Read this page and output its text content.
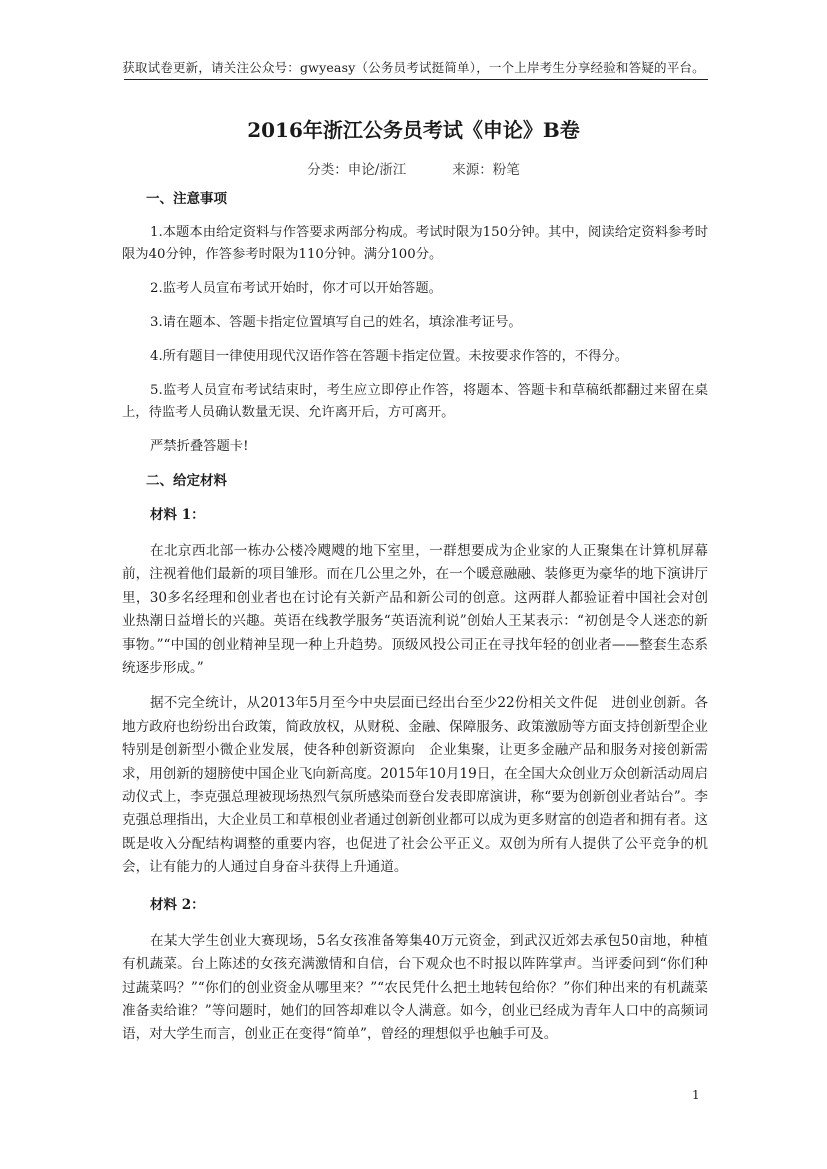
获取试卷更新，请关注公众号：gwyeasy（公务员考试挺简单），一个上岸考生分享经验和答疑的平台。
2016年浙江公务员考试《申论》B卷
分类：申论/浙江	来源：粉笔

一、注意事项

1.本题本由给定资料与作答要求两部分构成。考试时限为150分钟。其中，阅读给定资料参考时限为40分钟，作答参考时限为110分钟。满分100分。

2.监考人员宣布考试开始时，你才可以开始答题。

3.请在题本、答题卡指定位置填写自己的姓名，填涂准考证号。

4.所有题目一律使用现代汉语作答在答题卡指定位置。未按要求作答的，不得分。

5.监考人员宣布考试结束时，考生应立即停止作答，将题本、答题卡和草稿纸都翻过来留在桌上，待监考人员确认数量无误、允许离开后，方可离开。

严禁折叠答题卡!

二、给定材料

材料 1：

在北京西北部一栋办公楼冷飕飕的地下室里，一群想要成为企业家的人正聚集在计算机屏幕前，注视着他们最新的项目雏形。而在几公里之外，在一个暖意融融、装修更为豪华的地下演讲厅里，30多名经理和创业者也在讨论有关新产品和新公司的创意。这两群人都验证着中国社会对创业热潮日益增长的兴趣。英语在线教学服务“英语流利说”创始人王某表示：“初创是令人迷恋的新事物。”“中国的创业精神呈现一种上升趋势。顶级风投公司正在寻找年轻的创业者——整套生态系统逐步形成。”

据不完全统计，从2013年5月至今中央层面已经出台至少22份相关文件促　进创业创新。各地方政府也纷纷出台政策，简政放权，从财税、金融、保障服务、政策激励等方面支持创新型企业特别是创新型小微企业发展，使各种创新资源向　企业集聚，让更多金融产品和服务对接创新需求，用创新的翅膀使中国企业飞向新高度。2015年10月19日，在全国大众创业万众创新活动周启动仪式上，李克强总理被现场热烈气氛所感染而登台发表即席演讲，称“要为创新创业者站台”。李克强总理指出，大企业员工和草根创业者通过创新创业都可以成为更多财富的创造者和拥有者。这既是收入分配结构调整的重要内容，也促进了社会公平正义。双创为所有人提供了公平竞争的机会，让有能力的人通过自身奋斗获得上升通道。

材料 2：

在某大学生创业大赛现场，5名女孩准备筹集40万元资金，到武汉近郊去承包50亩地，种植有机蔬菜。台上陈述的女孩充满激情和自信，台下观众也不时报以阵阵掌声。当评委问到“你们种过蔬菜吗？”“你们的创业资金从哪里来？”“农民凭什么把土地转包给你？”你们种出来的有机蔬菜准备卖给谁？”等问题时，她们的回答却难以令人满意。如今，创业已经成为青年人口中的高频词语，对大学生而言，创业正在变得“简单”，曾经的理想似乎也触手可及。

1
